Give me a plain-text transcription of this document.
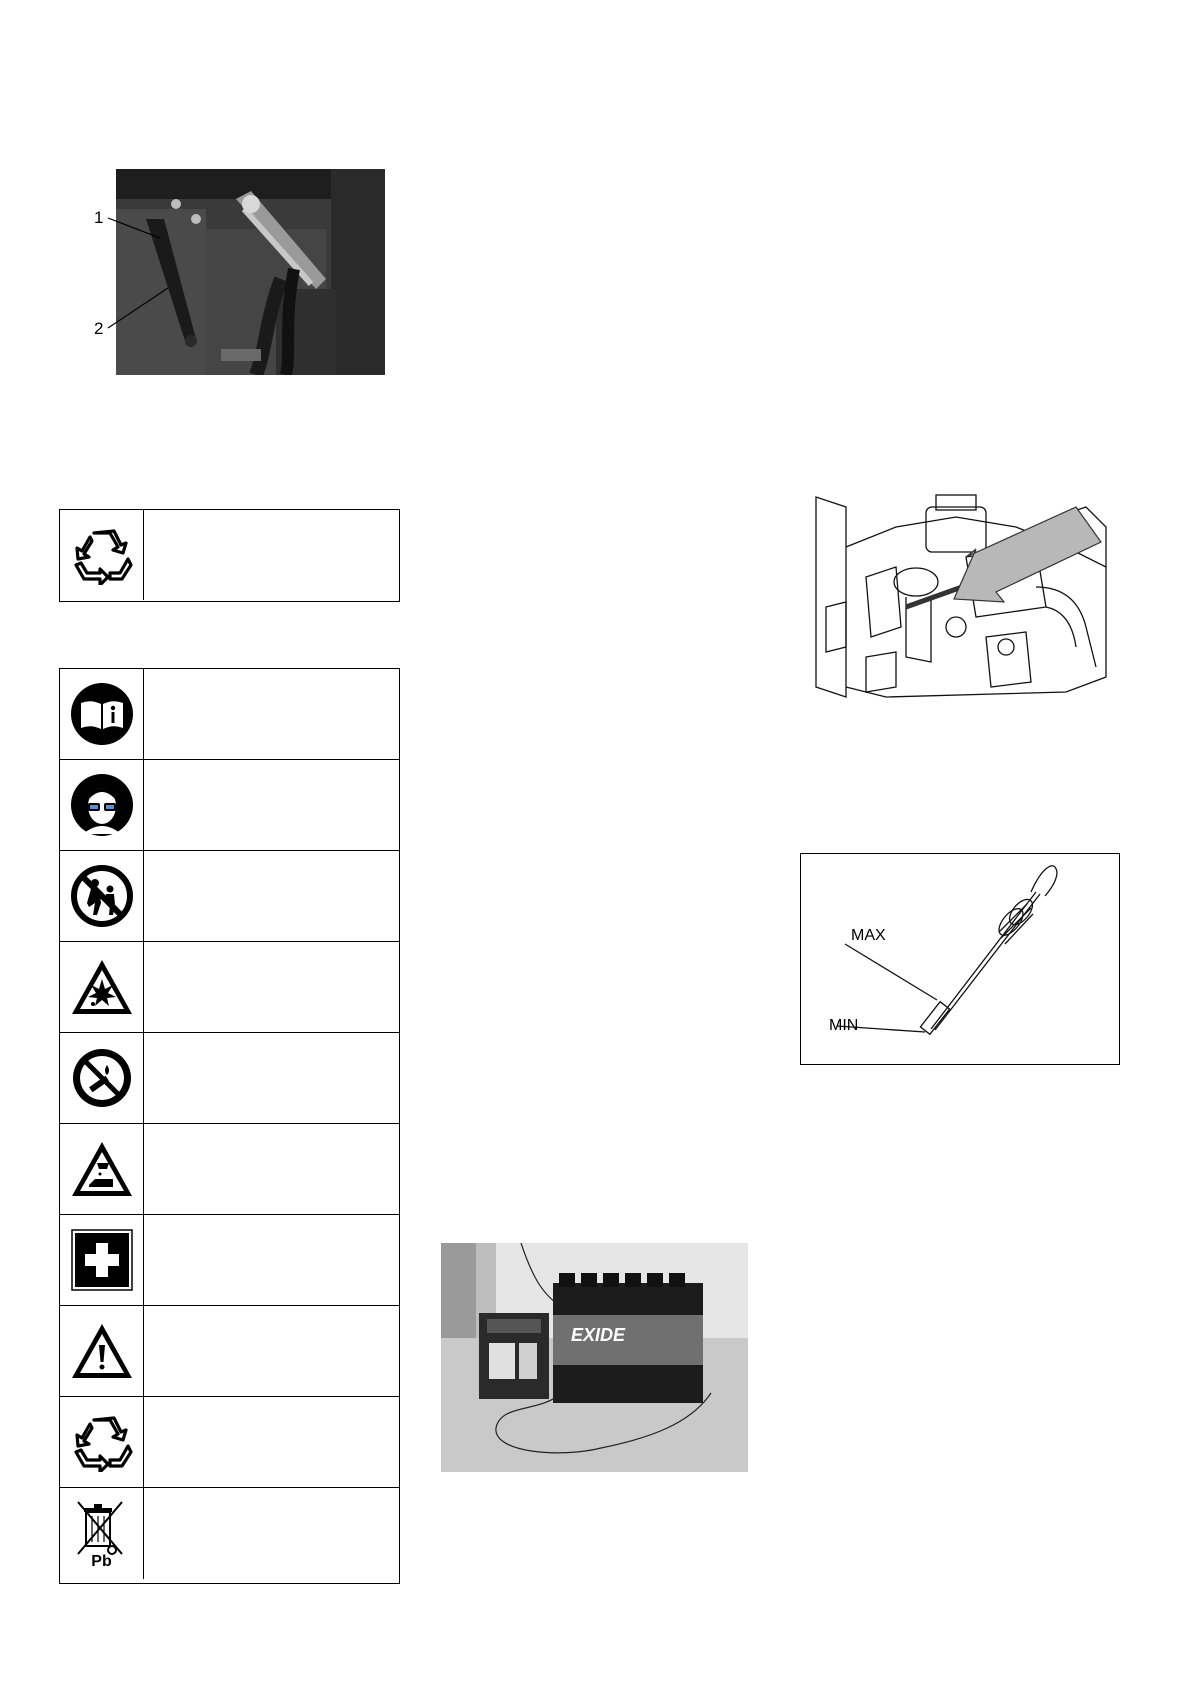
1
2
Pb
MAX
MIN
EXIDE
